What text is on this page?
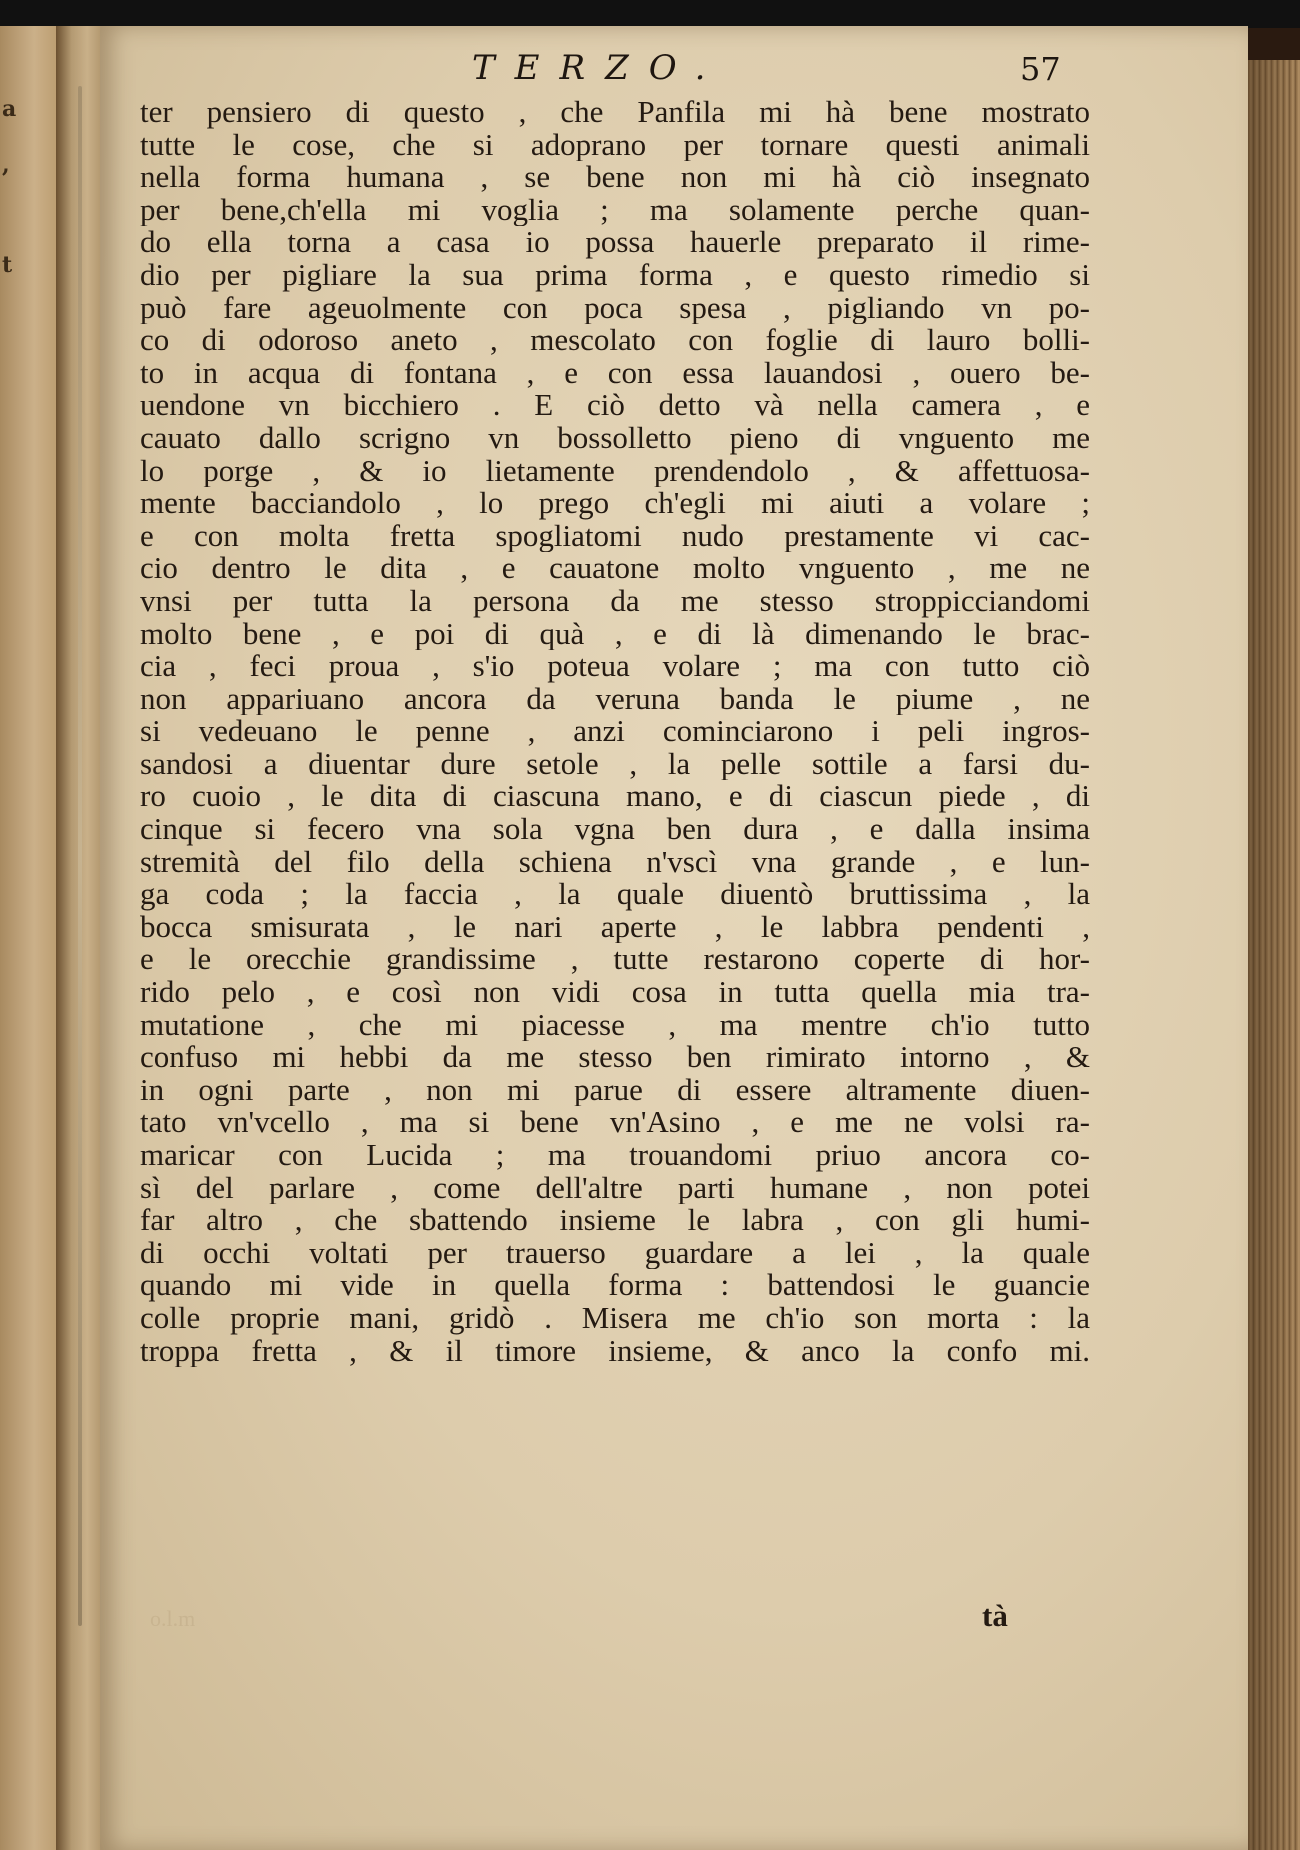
a
,
t
TERZO.	57
ter pensiero di questo , che Panfila mi hà bene mostrato
tutte le cose, che si adoprano per tornare questi animali
nella forma humana , se bene non mi hà ciò insegnato
per bene,ch'ella mi voglia ; ma solamente perche quan-
do ella torna a casa io possa hauerle preparato il rime-
dio per pigliare la sua prima forma , e questo rimedio si
può fare ageuolmente con poca spesa , pigliando vn po-
co di odoroso aneto , mescolato con foglie di lauro bolli-
to in acqua di fontana , e con essa lauandosi , ouero be-
uendone vn bicchiero . E ciò detto và nella camera , e
cauato dallo scrigno vn bossolletto pieno di vnguento me
lo porge , & io lietamente prendendolo , & affettuosa-
mente bacciandolo , lo prego ch'egli mi aiuti a volare ;
e con molta fretta spogliatomi nudo prestamente vi cac-
cio dentro le dita , e cauatone molto vnguento , me ne
vnsi per tutta la persona da me stesso stroppicciandomi
molto bene , e poi di quà , e di là dimenando le brac-
cia , feci proua , s'io poteua volare ; ma con tutto ciò
non appariuano ancora da veruna banda le piume , ne
si vedeuano le penne , anzi cominciarono i peli ingros-
sandosi a diuentar dure setole , la pelle sottile a farsi du-
ro cuoio , le dita di ciascuna mano, e di ciascun piede , di
cinque si fecero vna sola vgna ben dura , e dalla insima
stremità del filo della schiena n'vscì vna grande , e lun-
ga coda ; la faccia , la quale diuentò bruttissima , la
bocca smisurata , le nari aperte , le labbra pendenti ,
e le orecchie grandissime , tutte restarono coperte di hor-
rido pelo , e così non vidi cosa in tutta quella mia tra-
mutatione , che mi piacesse , ma mentre ch'io tutto
confuso mi hebbi da me stesso ben rimirato intorno , &
in ogni parte , non mi parue di essere altramente diuen-
tato vn'vcello , ma si bene vn'Asino , e me ne volsi ra-
maricar con Lucida ; ma trouandomi priuo ancora co-
sì del parlare , come dell'altre parti humane , non potei
far altro , che sbattendo insieme le labra , con gli humi-
di occhi voltati per trauerso guardare a lei , la quale
quando mi vide in quella forma : battendosi le guancie
colle proprie mani, gridò . Misera me ch'io son morta : la
troppa fretta , & il timore insieme, & anco la confo mi.
o.l.m	tà
